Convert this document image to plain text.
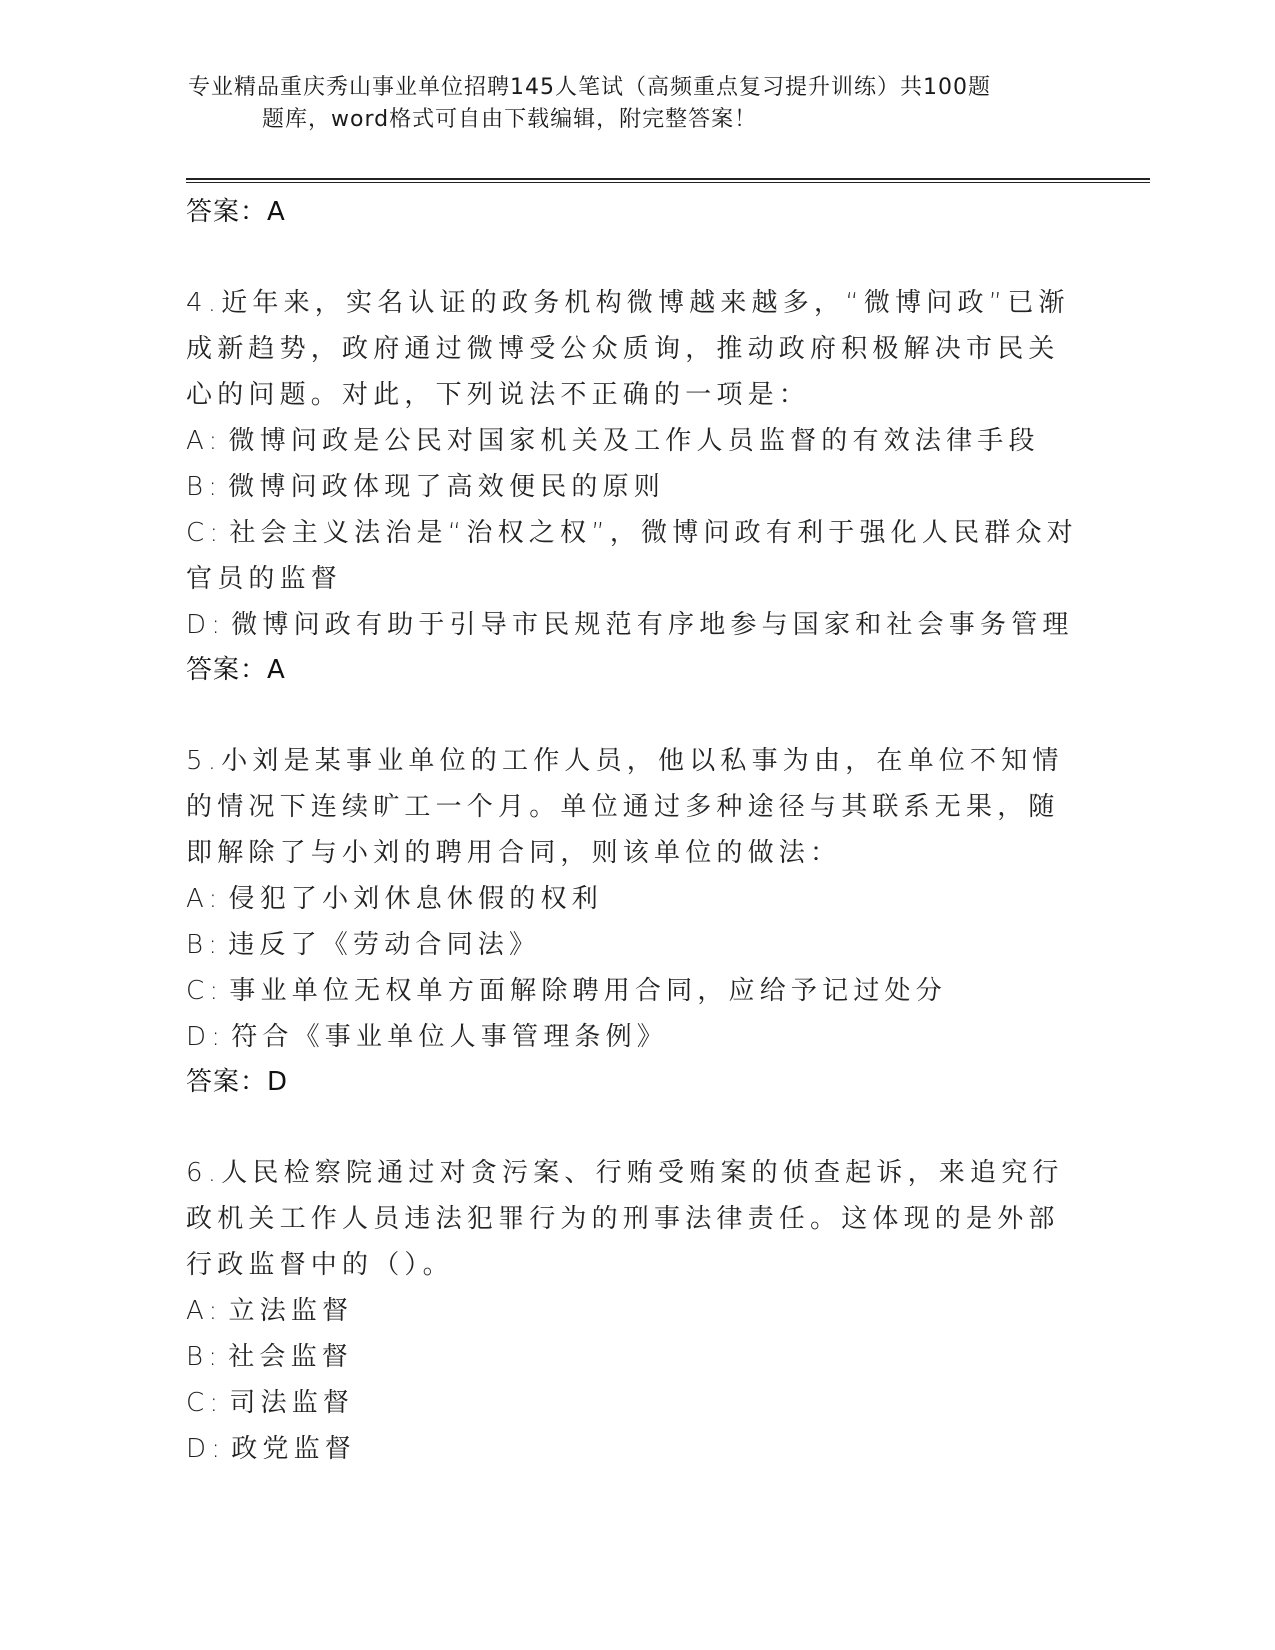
专业精品重庆秀山事业单位招聘145人笔试（高频重点复习提升训练）共100题
题库，word格式可自由下载编辑，附完整答案！
答案：A
4.近年来，实名认证的政务机构微博越来越多，“微博问政”已渐成新趋势，政府通过微博受公众质询，推动政府积极解决市民关心的问题。对此，下列说法不正确的一项是：
A: 微博问政是公民对国家机关及工作人员监督的有效法律手段
B: 微博问政体现了高效便民的原则
C: 社会主义法治是“治权之权”，微博问政有利于强化人民群众对官员的监督
D: 微博问政有助于引导市民规范有序地参与国家和社会事务管理
答案：A
5.小刘是某事业单位的工作人员，他以私事为由，在单位不知情的情况下连续旷工一个月。单位通过多种途径与其联系无果，随即解除了与小刘的聘用合同，则该单位的做法：
A: 侵犯了小刘休息休假的权利
B: 违反了《劳动合同法》
C: 事业单位无权单方面解除聘用合同，应给予记过处分
D: 符合《事业单位人事管理条例》
答案：D
6.人民检察院通过对贪污案、行贿受贿案的侦查起诉，来追究行政机关工作人员违法犯罪行为的刑事法律责任。这体现的是外部行政监督中的（）。
A: 立法监督
B: 社会监督
C: 司法监督
D: 政党监督
